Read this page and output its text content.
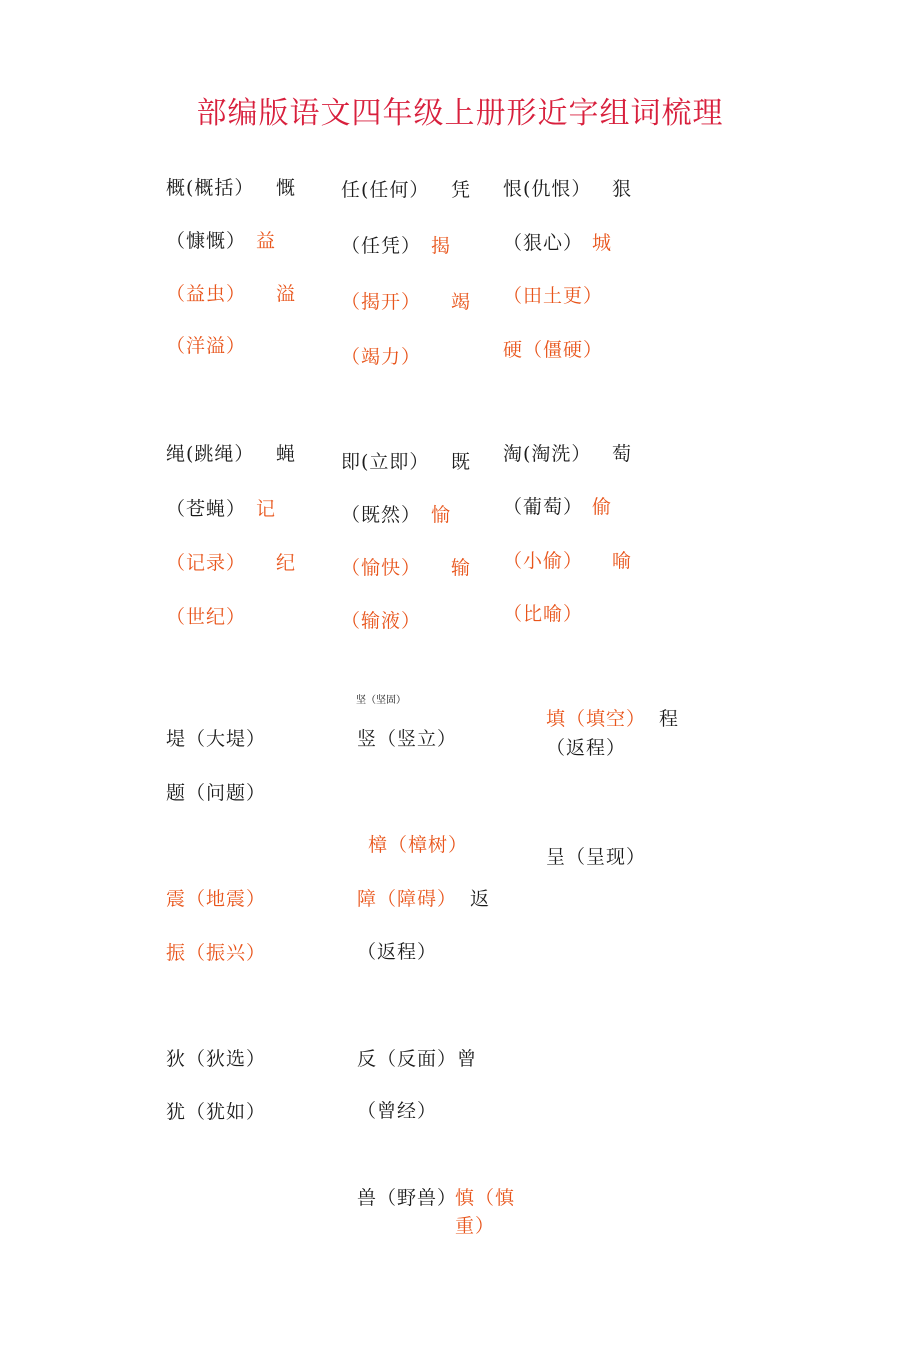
部编版语文四年级上册形近字组词梳理
概(概括） 慨
（慷慨） 益
（益虫） 溢
（洋溢）
任(任何） 凭
（任凭） 揭
（揭开） 竭
（竭力）
恨(仇恨） 狠
（狠心） 城
（田土更）
硬（僵硬）
绳(跳绳） 蝇
（苍蝇） 记
（记录） 纪
（世纪）
即(立即） 既
（既然） 愉
（愉快） 输
（输液）
淘(淘洗） 萄
（葡萄） 偷
（小偷） 喻
（比喻）
堤（大堤）
题（问题）
震（地震）
振（振兴）
坚（坚固）
竖（竖立）
樟（樟树）
障（障碍） 返
（返程）
填（填空） 程
（返程）
呈（呈现）
狄（狄选）
犹（犹如）
反（反面）曾
（曾经）
兽（野兽）
慎（慎重）
